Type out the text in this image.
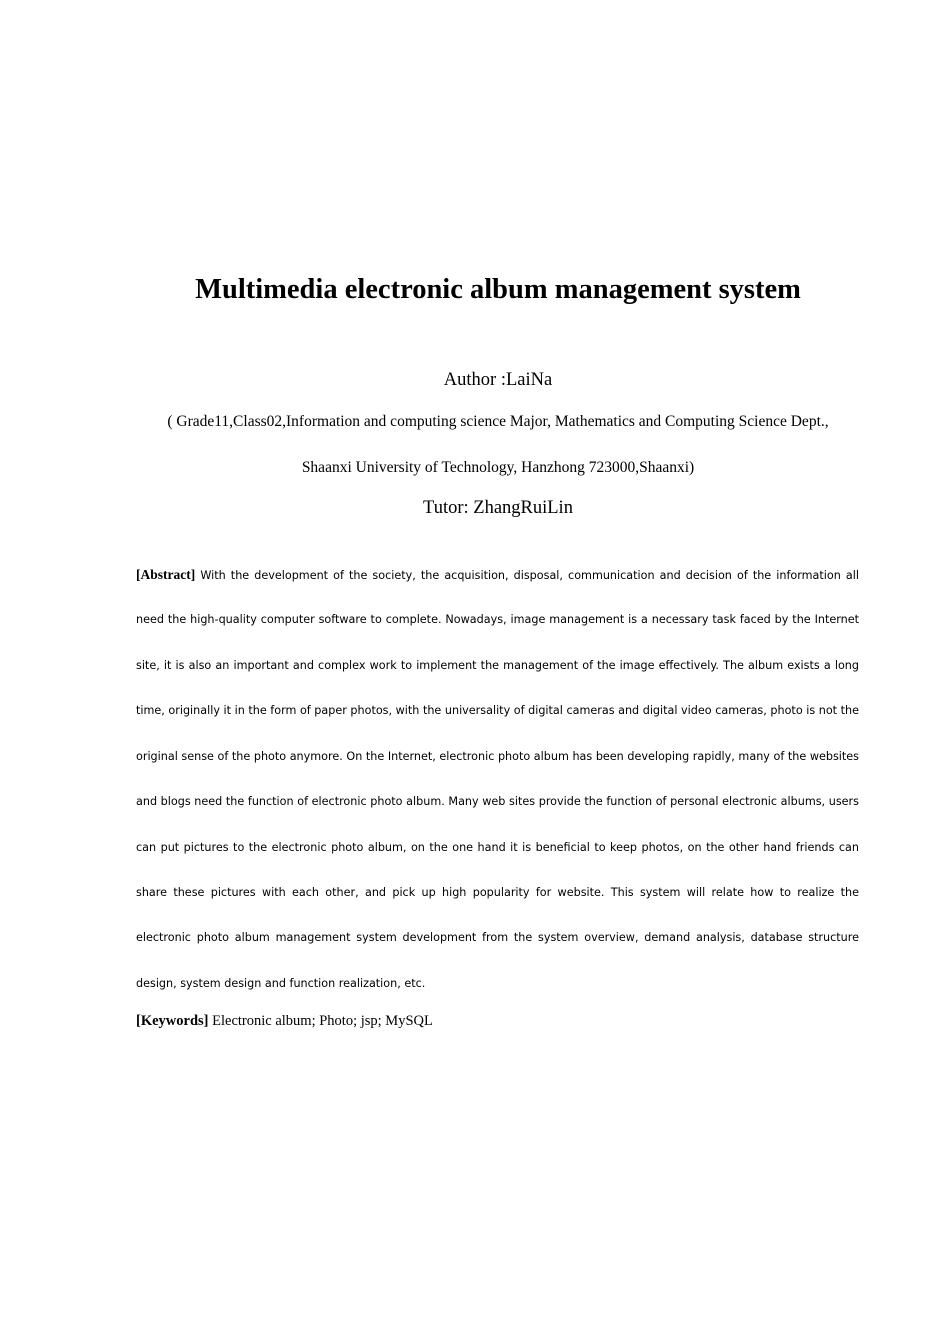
Multimedia electronic album management system
Author :LaiNa
( Grade11,Class02,Information and computing science Major, Mathematics and Computing Science Dept.,
Shaanxi University of Technology, Hanzhong 723000,Shaanxi)
Tutor: ZhangRuiLin
[Abstract] With the development of the society, the acquisition, disposal, communication and decision of the information all
need the high-quality computer software to complete. Nowadays, image management is a necessary task faced by the Internet
site, it is also an important and complex work to implement the management of the image effectively. The album exists a long
time, originally it in the form of paper photos, with the universality of digital cameras and digital video cameras, photo is not the
original sense of the photo anymore. On the Internet, electronic photo album has been developing rapidly, many of the websites
and blogs need the function of electronic photo album. Many web sites provide the function of personal electronic albums, users
can put pictures to the electronic photo album, on the one hand it is beneficial to keep photos, on the other hand friends can
share these pictures with each other, and pick up high popularity for website. This system will relate how to realize the
electronic photo album management system development from the system overview, demand analysis, database structure
design, system design and function realization, etc.
[Keywords] Electronic album; Photo; jsp; MySQL
